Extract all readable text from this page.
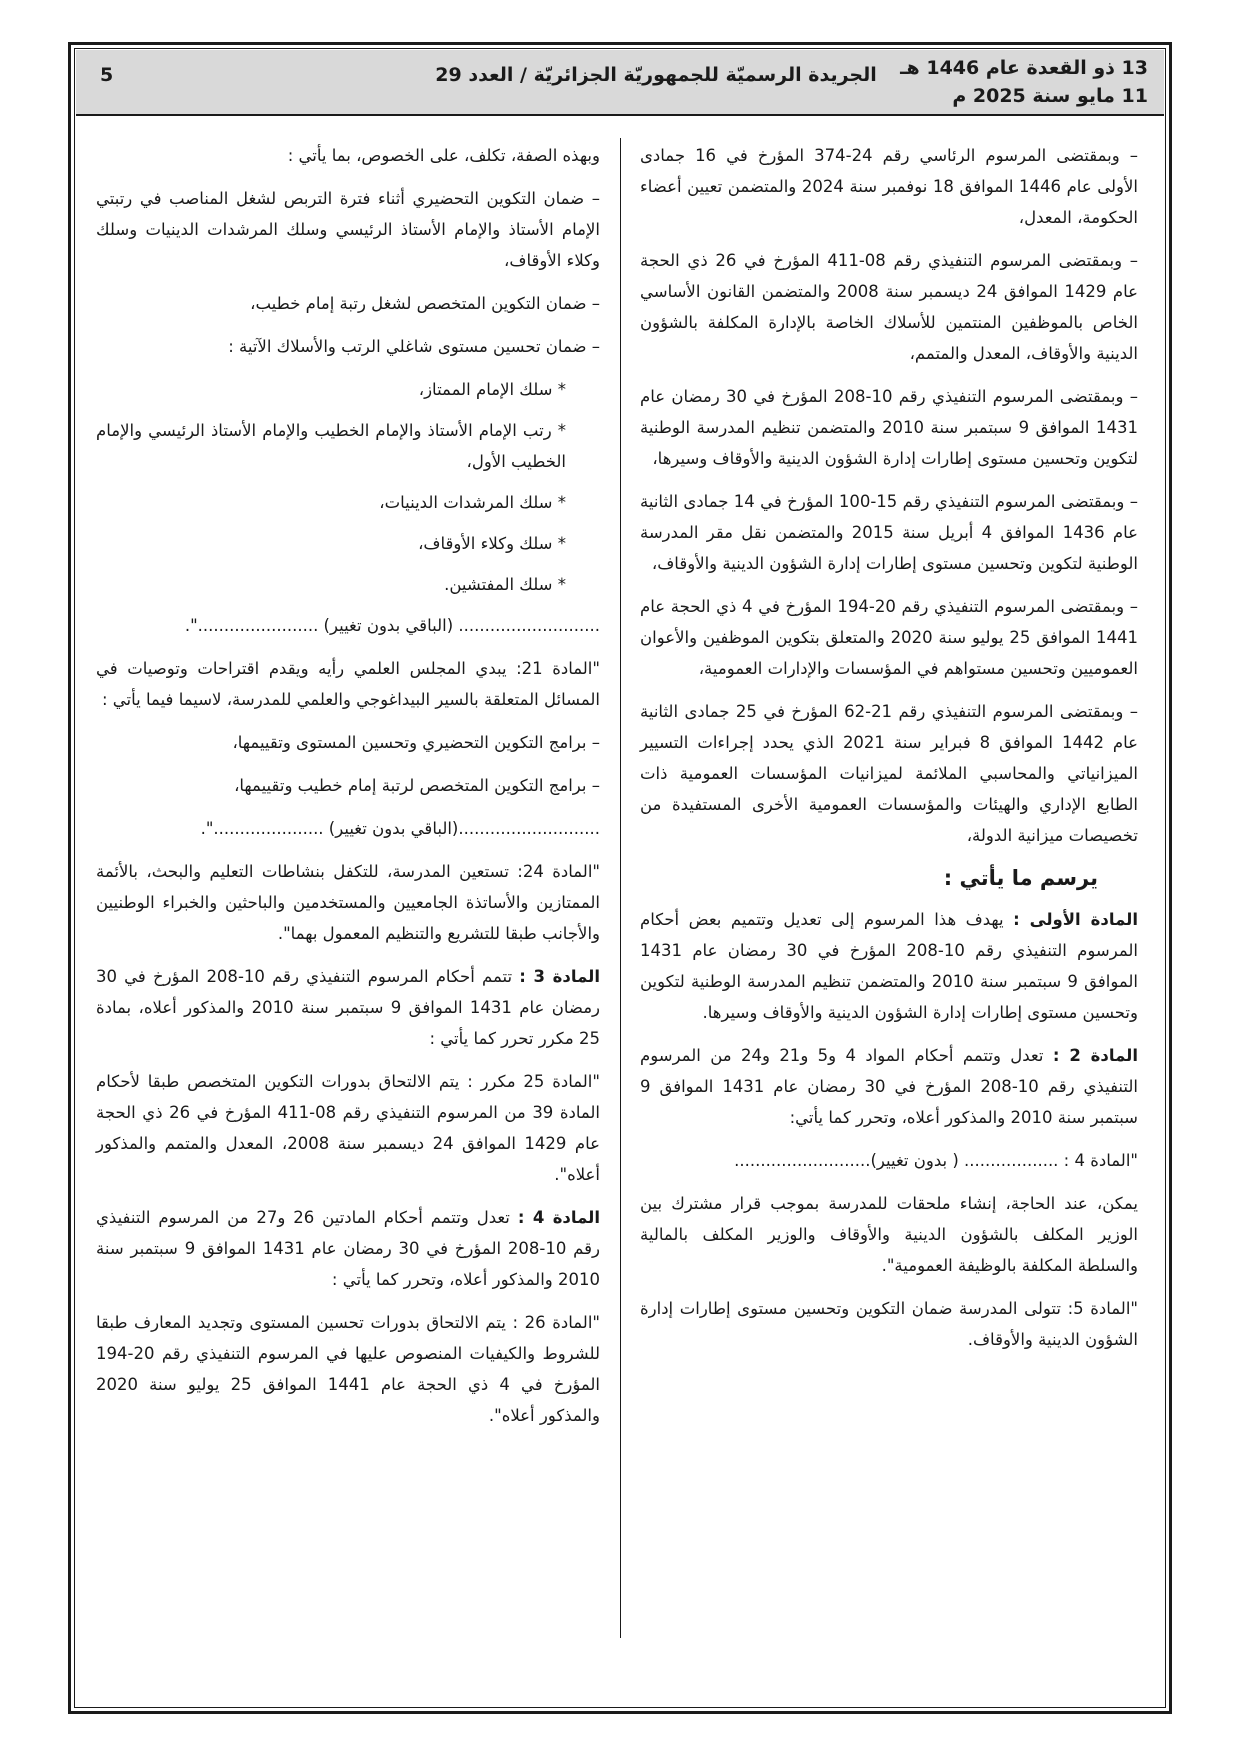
13 ذو القعدة عام 1446 هـ
11 مايو سنة 2025 م
الجريدة الرسميّة للجمهوريّة الجزائريّة / العدد 29
5

– وبمقتضى المرسوم الرئاسي رقم 24-374 المؤرخ في 16 جمادى الأولى عام 1446 الموافق 18 نوفمبر سنة 2024 والمتضمن تعيين أعضاء الحكومة، المعدل،

– وبمقتضى المرسوم التنفيذي رقم 08-411 المؤرخ في 26 ذي الحجة عام 1429 الموافق 24 ديسمبر سنة 2008 والمتضمن القانون الأساسي الخاص بالموظفين المنتمين للأسلاك الخاصة بالإدارة المكلفة بالشؤون الدينية والأوقاف، المعدل والمتمم،

– وبمقتضى المرسوم التنفيذي رقم 10-208 المؤرخ في 30 رمضان عام 1431 الموافق 9 سبتمبر سنة 2010 والمتضمن تنظيم المدرسة الوطنية لتكوين وتحسين مستوى إطارات إدارة الشؤون الدينية والأوقاف وسيرها،

– وبمقتضى المرسوم التنفيذي رقم 15-100 المؤرخ في 14 جمادى الثانية عام 1436 الموافق 4 أبريل سنة 2015 والمتضمن نقل مقر المدرسة الوطنية لتكوين وتحسين مستوى إطارات إدارة الشؤون الدينية والأوقاف،

– وبمقتضى المرسوم التنفيذي رقم 20-194 المؤرخ في 4 ذي الحجة عام 1441 الموافق 25 يوليو سنة 2020 والمتعلق بتكوين الموظفين والأعوان العموميين وتحسين مستواهم في المؤسسات والإدارات العمومية،

– وبمقتضى المرسوم التنفيذي رقم 21-62 المؤرخ في 25 جمادى الثانية عام 1442 الموافق 8 فبراير سنة 2021 الذي يحدد إجراءات التسيير الميزانياتي والمحاسبي الملائمة لميزانيات المؤسسات العمومية ذات الطابع الإداري والهيئات والمؤسسات العمومية الأخرى المستفيدة من تخصيصات ميزانية الدولة،

يرسم ما يأتي :

المادة الأولى : يهدف هذا المرسوم إلى تعديل وتتميم بعض أحكام المرسوم التنفيذي رقم 10-208 المؤرخ في 30 رمضان عام 1431 الموافق 9 سبتمبر سنة 2010 والمتضمن تنظيم المدرسة الوطنية لتكوين وتحسين مستوى إطارات إدارة الشؤون الدينية والأوقاف وسيرها.

المادة 2 : تعدل وتتمم أحكام المواد 4 و5 و21 و24 من المرسوم التنفيذي رقم 10-208 المؤرخ في 30 رمضان عام 1431 الموافق 9 سبتمبر سنة 2010 والمذكور أعلاه، وتحرر كما يأتي:

"المادة 4 : .................. ( بدون تغيير)..........................

يمكن، عند الحاجة، إنشاء ملحقات للمدرسة بموجب قرار مشترك بين الوزير المكلف بالشؤون الدينية والأوقاف والوزير المكلف بالمالية والسلطة المكلفة بالوظيفة العمومية".

"المادة 5: تتولى المدرسة ضمان التكوين وتحسين مستوى إطارات إدارة الشؤون الدينية والأوقاف.

وبهذه الصفة، تكلف، على الخصوص، بما يأتي :

– ضمان التكوين التحضيري أثناء فترة التربص لشغل المناصب في رتبتي الإمام الأستاذ والإمام الأستاذ الرئيسي وسلك المرشدات الدينيات وسلك وكلاء الأوقاف،

– ضمان التكوين المتخصص لشغل رتبة إمام خطيب،

– ضمان تحسين مستوى شاغلي الرتب والأسلاك الآتية :

* سلك الإمام الممتاز،

* رتب الإمام الأستاذ والإمام الخطيب والإمام الأستاذ الرئيسي والإمام الخطيب الأول،

* سلك المرشدات الدينيات،

* سلك وكلاء الأوقاف،

* سلك المفتشين.

........................... (الباقي بدون تغيير) .......................".

"المادة 21: يبدي المجلس العلمي رأيه ويقدم اقتراحات وتوصيات في المسائل المتعلقة بالسير البيداغوجي والعلمي للمدرسة، لاسيما فيما يأتي :

– برامج التكوين التحضيري وتحسين المستوى وتقييمها،

– برامج التكوين المتخصص لرتبة إمام خطيب وتقييمها،

...........................(الباقي بدون تغيير) .....................".

"المادة 24: تستعين المدرسة، للتكفل بنشاطات التعليم والبحث، بالأئمة الممتازين والأساتذة الجامعيين والمستخدمين والباحثين والخبراء الوطنيين والأجانب طبقا للتشريع والتنظيم المعمول بهما".

المادة 3 : تتمم أحكام المرسوم التنفيذي رقم 10-208 المؤرخ في 30 رمضان عام 1431 الموافق 9 سبتمبر سنة 2010 والمذكور أعلاه، بمادة 25 مكرر تحرر كما يأتي :

"المادة 25 مكرر : يتم الالتحاق بدورات التكوين المتخصص طبقا لأحكام المادة 39 من المرسوم التنفيذي رقم 08-411 المؤرخ في 26 ذي الحجة عام 1429 الموافق 24 ديسمبر سنة 2008، المعدل والمتمم والمذكور أعلاه".

المادة 4 : تعدل وتتمم أحكام المادتين 26 و27 من المرسوم التنفيذي رقم 10-208 المؤرخ في 30 رمضان عام 1431 الموافق 9 سبتمبر سنة 2010 والمذكور أعلاه، وتحرر كما يأتي :

"المادة 26 : يتم الالتحاق بدورات تحسين المستوى وتجديد المعارف طبقا للشروط والكيفيات المنصوص عليها في المرسوم التنفيذي رقم 20-194 المؤرخ في 4 ذي الحجة عام 1441 الموافق 25 يوليو سنة 2020 والمذكور أعلاه".
